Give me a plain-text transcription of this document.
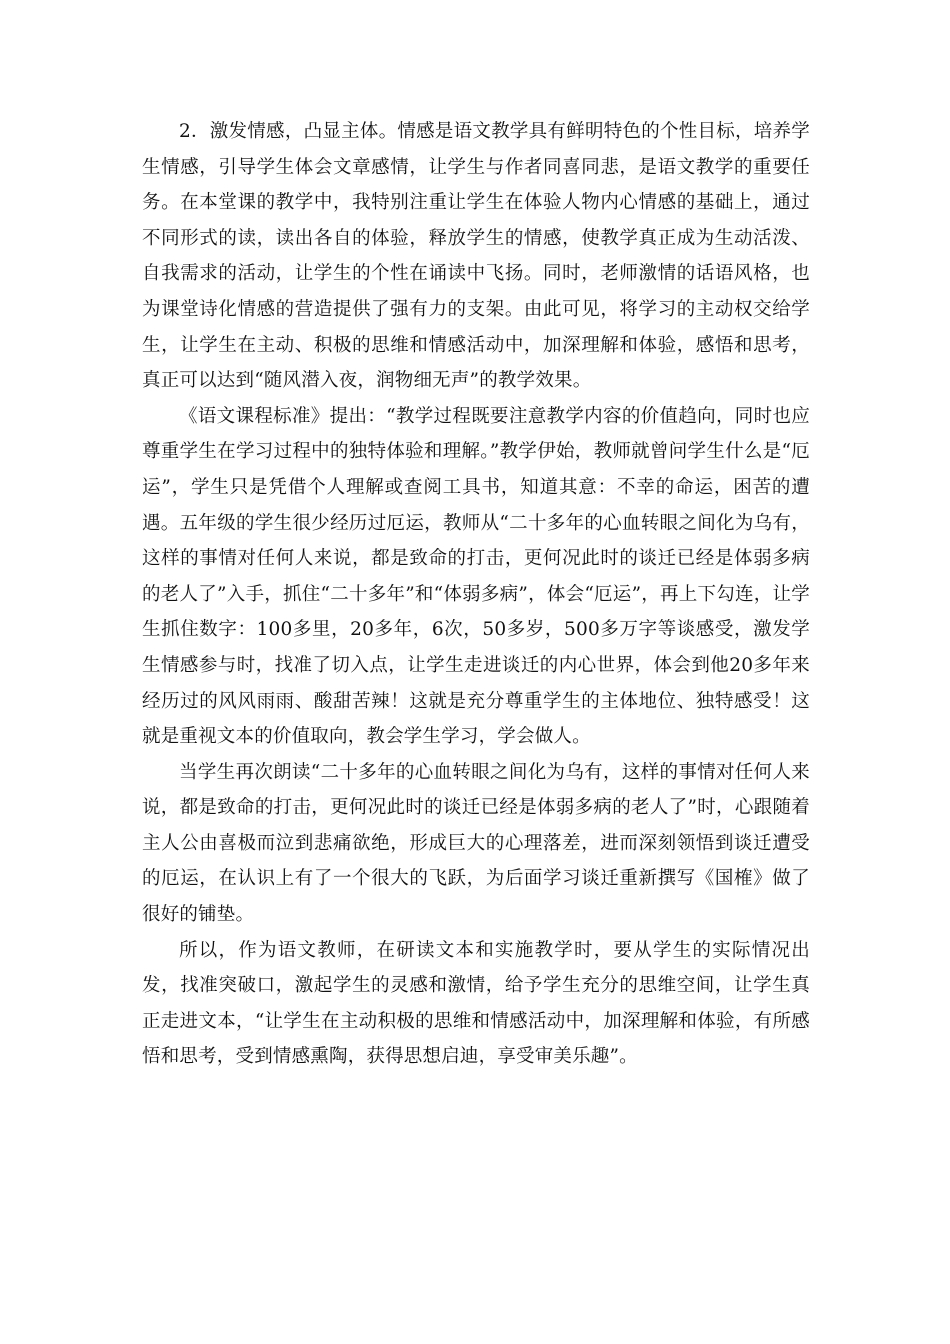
2．激发情感，凸显主体。情感是语文教学具有鲜明特色的个性目标，培养学生情感，引导学生体会文章感情，让学生与作者同喜同悲，是语文教学的重要任务。在本堂课的教学中，我特别注重让学生在体验人物内心情感的基础上，通过不同形式的读，读出各自的体验，释放学生的情感，使教学真正成为生动活泼、自我需求的活动，让学生的个性在诵读中飞扬。同时，老师激情的话语风格，也为课堂诗化情感的营造提供了强有力的支架。由此可见，将学习的主动权交给学生，让学生在主动、积极的思维和情感活动中，加深理解和体验，感悟和思考，真正可以达到“随风潜入夜，润物细无声”的教学效果。

《语文课程标准》提出：“教学过程既要注意教学内容的价值趋向，同时也应尊重学生在学习过程中的独特体验和理解。”教学伊始，教师就曾问学生什么是“厄运”，学生只是凭借个人理解或查阅工具书，知道其意：不幸的命运，困苦的遭遇。五年级的学生很少经历过厄运，教师从“二十多年的心血转眼之间化为乌有，这样的事情对任何人来说，都是致命的打击，更何况此时的谈迁已经是体弱多病的老人了”入手，抓住“二十多年”和“体弱多病”，体会“厄运”，再上下勾连，让学生抓住数字：100多里，20多年，6次，50多岁，500多万字等谈感受，激发学生情感参与时，找准了切入点，让学生走进谈迁的内心世界，体会到他20多年来经历过的风风雨雨、酸甜苦辣！这就是充分尊重学生的主体地位、独特感受！这就是重视文本的价值取向，教会学生学习，学会做人。

当学生再次朗读“二十多年的心血转眼之间化为乌有，这样的事情对任何人来说，都是致命的打击，更何况此时的谈迁已经是体弱多病的老人了”时，心跟随着主人公由喜极而泣到悲痛欲绝，形成巨大的心理落差，进而深刻领悟到谈迁遭受的厄运，在认识上有了一个很大的飞跃，为后面学习谈迁重新撰写《国榷》做了很好的铺垫。

所以，作为语文教师，在研读文本和实施教学时，要从学生的实际情况出发，找准突破口，激起学生的灵感和激情，给予学生充分的思维空间，让学生真正走进文本，“让学生在主动积极的思维和情感活动中，加深理解和体验，有所感悟和思考，受到情感熏陶，获得思想启迪，享受审美乐趣”。
